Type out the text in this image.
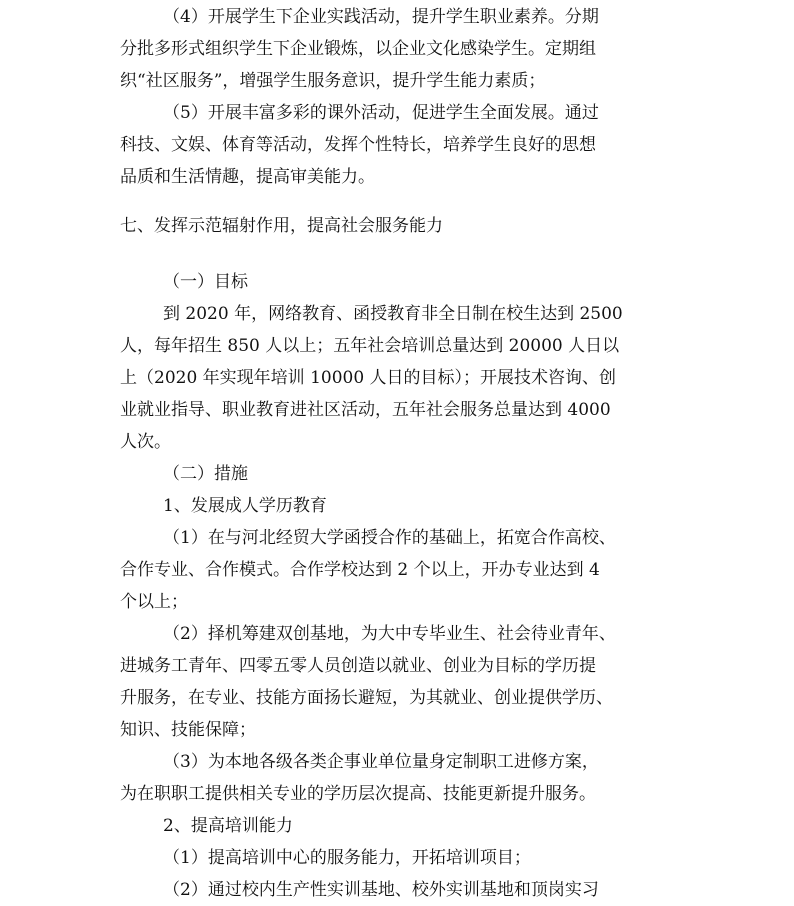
（4）开展学生下企业实践活动，提升学生职业素养。分期

分批多形式组织学生下企业锻炼，以企业文化感染学生。定期组

织“社区服务”，增强学生服务意识，提升学生能力素质；

（5）开展丰富多彩的课外活动，促进学生全面发展。通过

科技、文娱、体育等活动，发挥个性特长，培养学生良好的思想

品质和生活情趣，提高审美能力。

七、发挥示范辐射作用，提高社会服务能力

（一）目标

到 2020 年，网络教育、函授教育非全日制在校生达到 2500

人，每年招生 850 人以上；五年社会培训总量达到 20000 人日以

上（2020 年实现年培训 10000 人日的目标）；开展技术咨询、创

业就业指导、职业教育进社区活动，五年社会服务总量达到 4000

人次。

（二）措施

1、发展成人学历教育

（1）在与河北经贸大学函授合作的基础上，拓宽合作高校、

合作专业、合作模式。合作学校达到 2 个以上，开办专业达到 4

个以上；

（2）择机筹建双创基地，为大中专毕业生、社会待业青年、

进城务工青年、四零五零人员创造以就业、创业为目标的学历提

升服务，在专业、技能方面扬长避短，为其就业、创业提供学历、

知识、技能保障；

（3）为本地各级各类企事业单位量身定制职工进修方案，

为在职职工提供相关专业的学历层次提高、技能更新提升服务。

2、提高培训能力

（1）提高培训中心的服务能力，开拓培训项目；

（2）通过校内生产性实训基地、校外实训基地和顶岗实习
